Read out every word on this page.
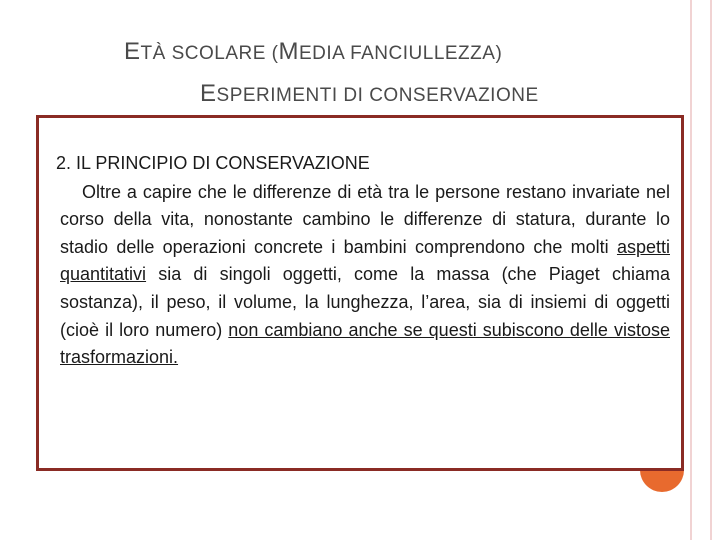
ETÀ SCOLARE (MEDIA FANCIULLEZZA)
ESPERIMENTI DI CONSERVAZIONE
2. IL PRINCIPIO DI CONSERVAZIONE

Oltre a capire che le differenze di età tra le persone restano invariate nel corso della vita, nonostante cambino le differenze di statura, durante lo stadio delle operazioni concrete i bambini comprendono che molti aspetti quantitativi sia di singoli oggetti, come la massa (che Piaget chiama sostanza), il peso, il volume, la lunghezza, l’area, sia di insiemi di oggetti (cioè il loro numero) non cambiano anche se questi subiscono delle vistose trasformazioni.
